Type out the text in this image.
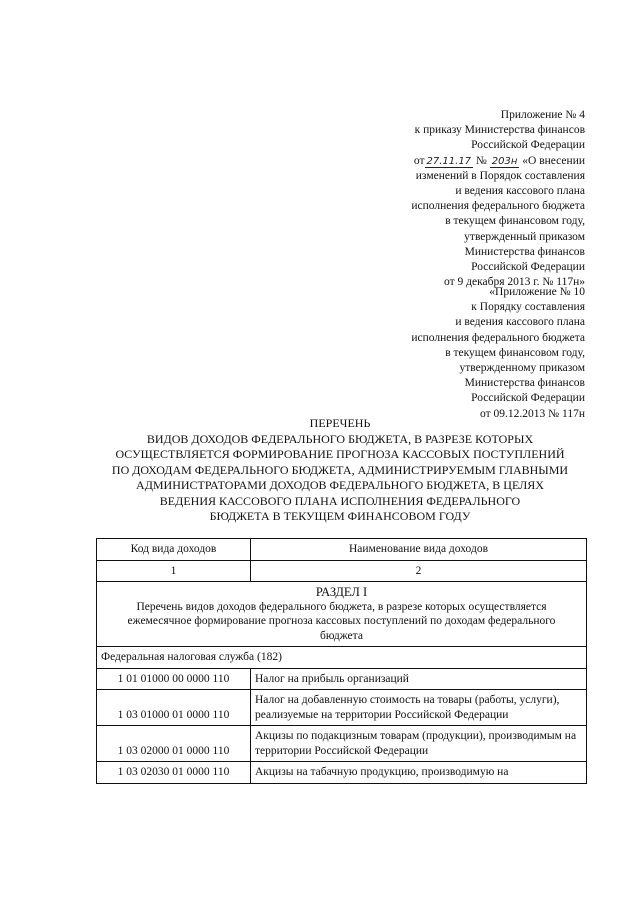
Приложение № 4
к приказу Министерства финансов
Российской Федерации
от 27.11.17 № 203н «О внесении
изменений в Порядок составления
и ведения кассового плана
исполнения федерального бюджета
в текущем финансовом году,
утвержденный приказом
Министерства финансов
Российской Федерации
от 9 декабря 2013 г. № 117н»
«Приложение № 10
к Порядку составления
и ведения кассового плана
исполнения федерального бюджета
в текущем финансовом году,
утвержденному приказом
Министерства финансов
Российской Федерации
от 09.12.2013 № 117н
ПЕРЕЧЕНЬ
ВИДОВ ДОХОДОВ ФЕДЕРАЛЬНОГО БЮДЖЕТА, В РАЗРЕЗЕ КОТОРЫХ
ОСУЩЕСТВЛЯЕТСЯ ФОРМИРОВАНИЕ ПРОГНОЗА КАССОВЫХ ПОСТУПЛЕНИЙ
ПО ДОХОДАМ ФЕДЕРАЛЬНОГО БЮДЖЕТА, АДМИНИСТРИРУЕМЫМ ГЛАВНЫМИ
АДМИНИСТРАТОРАМИ ДОХОДОВ ФЕДЕРАЛЬНОГО БЮДЖЕТА, В ЦЕЛЯХ
ВЕДЕНИЯ КАССОВОГО ПЛАНА ИСПОЛНЕНИЯ ФЕДЕРАЛЬНОГО
БЮДЖЕТА В ТЕКУЩЕМ ФИНАНСОВОМ ГОДУ
Код вида доходов	Наименование вида доходов
1	2

РАЗДЕЛ I
Перечень видов доходов федерального бюджета, в разрезе которых осуществляется
ежемесячное формирование прогноза кассовых поступлений по доходам федерального
бюджета	

Федеральная налоговая служба (182)	
1 01 01000 00 0000 110	Налог на прибыль организаций
1 03 01000 01 0000 110	Налог на добавленную стоимость на товары (работы, услуги), реализуемые на территории Российской Федерации
1 03 02000 01 0000 110	Акцизы по подакцизным товарам (продукции), производимым на территории Российской Федерации
1 03 02030 01 0000 110	Акцизы на табачную продукцию, производимую на
